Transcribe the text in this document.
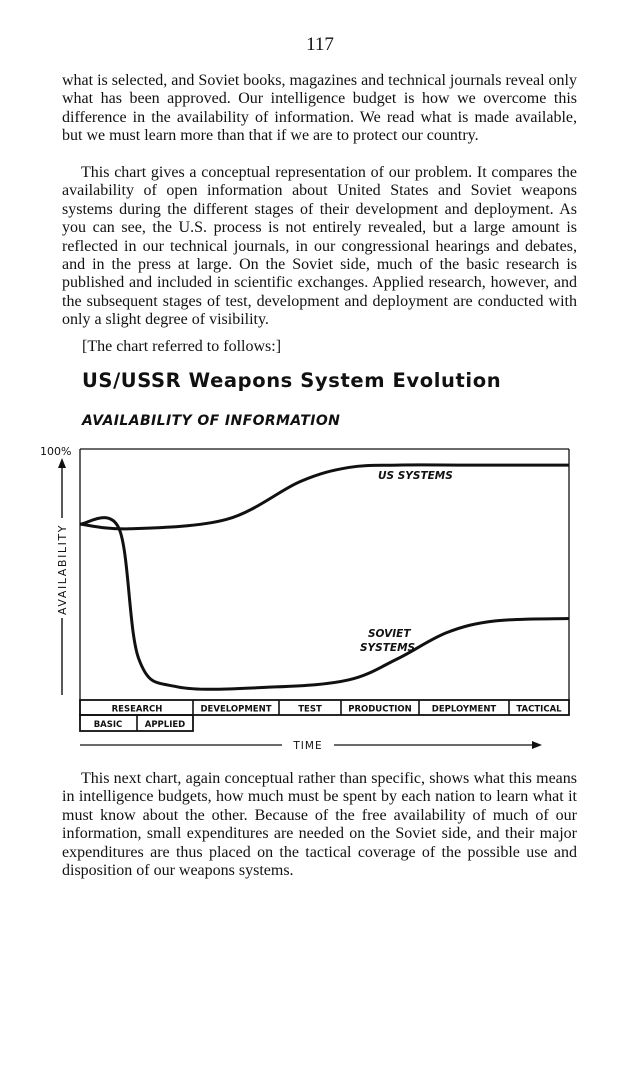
117

what is selected, and Soviet books, magazines and technical journals reveal only what has been approved. Our intelligence budget is how we overcome this difference in the availability of information. We read what is made available, but we must learn more than that if we are to protect our country.

This chart gives a conceptual representation of our problem. It compares the availability of open information about United States and Soviet weapons systems during the different stages of their development and deployment. As you can see, the U.S. process is not entirely revealed, but a large amount is reflected in our technical journals, in our congressional hearings and debates, and in the press at large. On the Soviet side, much of the basic research is published and included in scientific exchanges. Applied research, however, and the subsequent stages of test, development and deployment are conducted with only a slight degree of visibility.

[The chart referred to follows:]

US/USSR Weapons System Evolution
AVAILABILITY OF INFORMATION
100%
AVAILABILITY
US SYSTEMS
SOVIET
SYSTEMS
RESEARCH	DEVELOPMENT	TEST	PRODUCTION DEPLOYMENT TACTICAL
BASIC	APPLIED
TIME

This next chart, again conceptual rather than specific, shows what this means in intelligence budgets, how much must be spent by each nation to learn what it must know about the other. Because of the free availability of much of our information, small expenditures are needed on the Soviet side, and their major expenditures are thus placed on the tactical coverage of the possible use and disposition of our weapons systems.
